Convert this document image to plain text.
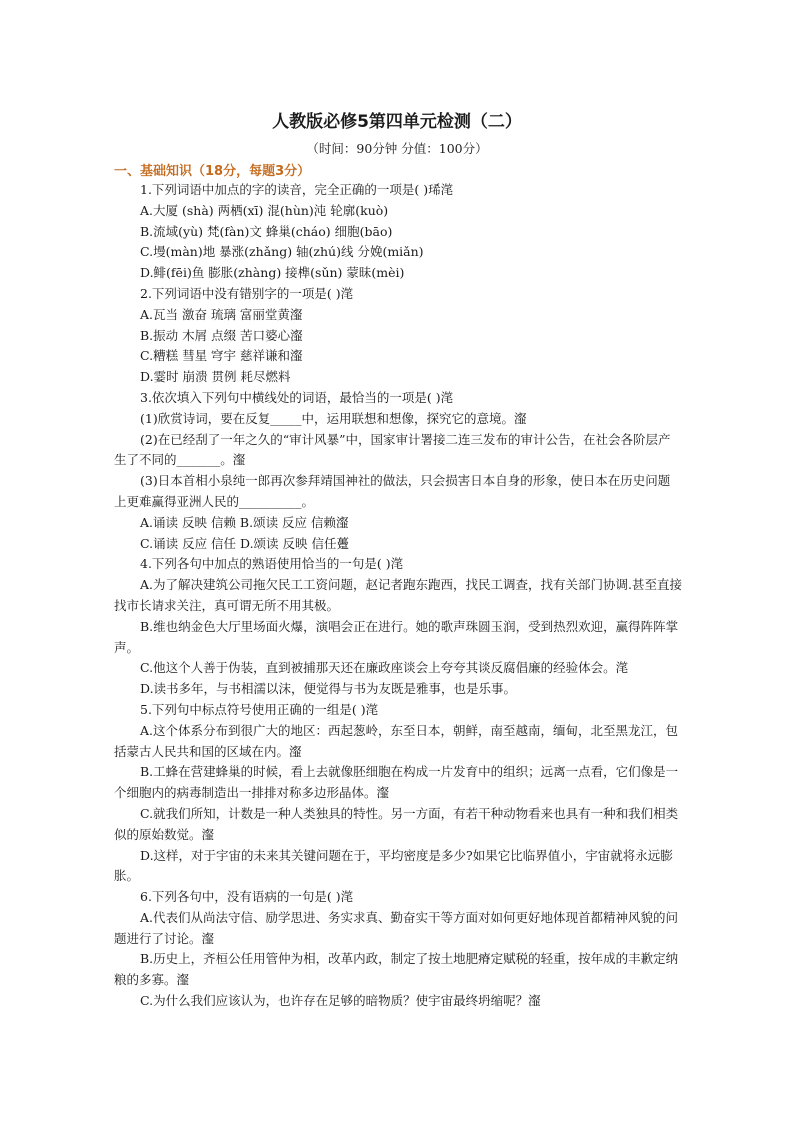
人教版必修5第四单元检测（二）
（时间：90分钟 分值：100分）
一、基础知识（18分，每题3分）

1.下列词语中加点的字的读音，完全正确的一项是( )琋滗

A.大厦 (shà) 两栖(xī) 混(hùn)沌 轮廓(kuò)

B.流域(yù) 梵(fàn)文 蜂巢(cháo) 细胞(bāo)

C.墁(màn)地 暴涨(zhǎng) 轴(zhú)线 分娩(miǎn)

D.鲱(fēi)鱼 膨胀(zhàng) 接榫(sǔn) 蒙昧(mèi)

2.下列词语中没有错别字的一项是( )滗

A.瓦当 激奋 琉璃 富丽堂黄瀣

B.振动 木屑 点缀 苦口婆心瀣

C.糟糕 彗星 穹宇 慈祥谦和瀣

D.霎时 崩溃 贯例 耗尽燃料

3.依次填入下列句中横线处的词语，最恰当的一项是( )滗

(1)欣赏诗词，要在反复_____中，运用联想和想像，探究它的意境。瀣

(2)在已经刮了一年之久的“审计风暴”中，国家审计署接二连三发布的审计公告，在社会各阶层产生了不同的_______。瀣

(3)日本首相小泉纯一郎再次参拜靖国神社的做法，只会损害日本自身的形象，使日本在历史问题上更难赢得亚洲人民的__________。

A.诵读 反映 信赖 B.颂读 反应 信赖瀣

C.诵读 反应 信任 D.颂读 反映 信任躉

4.下列各句中加点的熟语使用恰当的一句是( )滗

A.为了解决建筑公司拖欠民工工资问题，赵记者跑东跑西，找民工调查，找有关部门协调.甚至直接找市长请求关注，真可谓无所不用其极。

B.维也纳金色大厅里场面火爆，演唱会正在进行。她的歌声珠圆玉润，受到热烈欢迎，赢得阵阵掌声。

C.他这个人善于伪装，直到被捕那天还在廉政座谈会上夸夸其谈反腐倡廉的经验体会。滗

D.读书多年，与书相濡以沫，便觉得与书为友既是雅事，也是乐事。

5.下列句中标点符号使用正确的一组是( )滗

A.这个体系分布到很广大的地区：西起葱岭，东至日本，朝鲜，南至越南，缅甸，北至黑龙江，包括蒙古人民共和国的区域在内。瀣

B.工蜂在营建蜂巢的时候，看上去就像胚细胞在构成一片发育中的组织；远离一点看，它们像是一个细胞内的病毒制造出一排排对称多边形晶体。瀣

C.就我们所知，计数是一种人类独具的特性。另一方面，有若干种动物看来也具有一种和我们相类似的原始数觉。瀣

D.这样，对于宇宙的未来其关键问题在于，平均密度是多少?如果它比临界值小，宇宙就将永远膨胀。

6.下列各句中，没有语病的一句是( )滗

A.代表们从尚法守信、励学思进、务实求真、勤奋实干等方面对如何更好地体现首都精神风貌的问题进行了讨论。瀣

B.历史上，齐桓公任用管仲为相，改革内政，制定了按土地肥瘠定赋税的轻重，按年成的丰歉定纳粮的多寡。瀣

C.为什么我们应该认为，也许存在足够的暗物质？使宇宙最终坍缩呢？瀣
